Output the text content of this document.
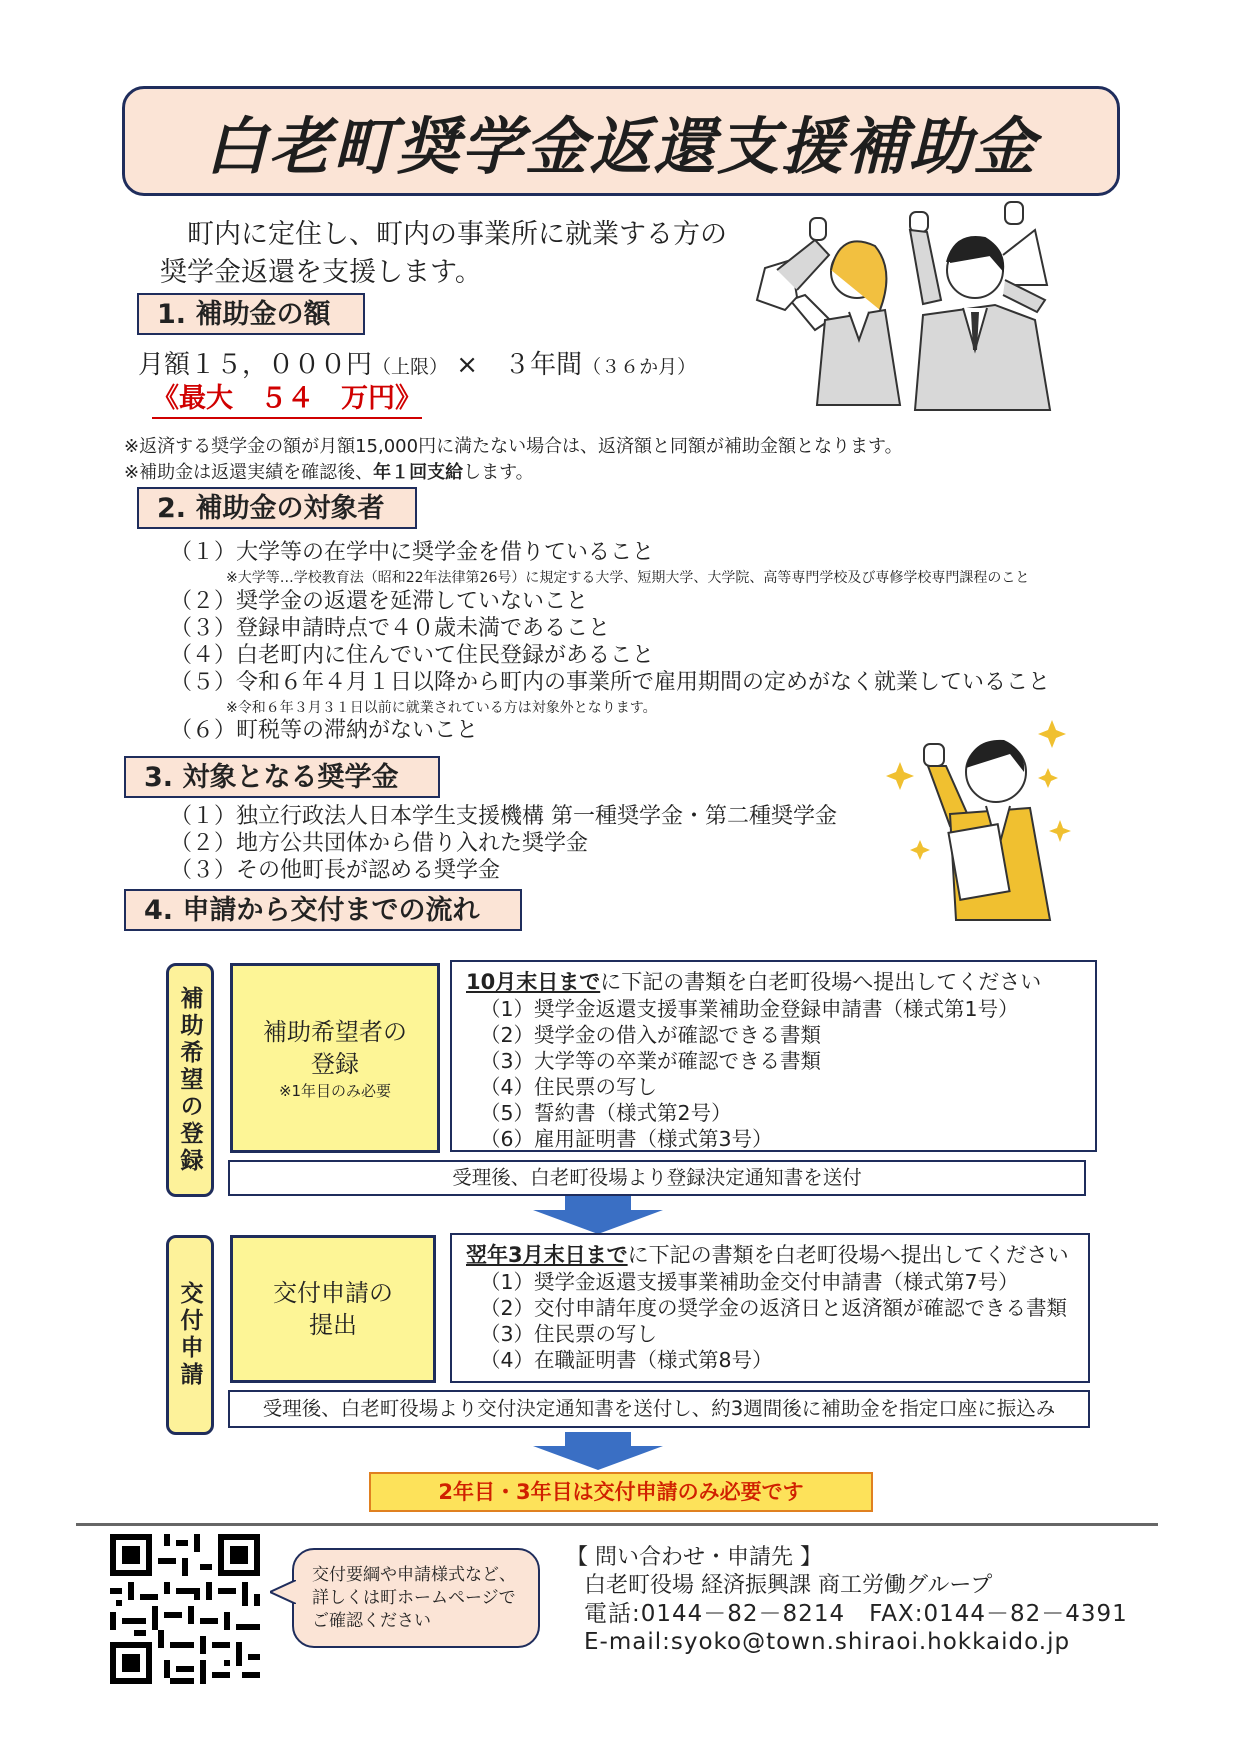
白老町奨学金返還支援補助金
町内に定住し、町内の事業所に就業する方の奨学金返還を支援します。
1. 補助金の額
月額１５，０００円（上限） ×　３年間（３６か月）
《最大　５４　万円》
※返済する奨学金の額が月額15,000円に満たない場合は、返済額と同額が補助金額となります。
※補助金は返還実績を確認後、年１回支給します。
2. 補助金の対象者
（１）大学等の在学中に奨学金を借りていること
※大学等…学校教育法（昭和22年法律第26号）に規定する大学、短期大学、大学院、高等専門学校及び専修学校専門課程のこと
（２）奨学金の返還を延滞していないこと
（３）登録申請時点で４０歳未満であること
（４）白老町内に住んでいて住民登録があること
（５）令和６年４月１日以降から町内の事業所で雇用期間の定めがなく就業していること
※令和６年３月３１日以前に就業されている方は対象外となります。
（６）町税等の滞納がないこと
3. 対象となる奨学金
（１）独立行政法人日本学生支援機構 第一種奨学金・第二種奨学金
（２）地方公共団体から借り入れた奨学金
（３）その他町長が認める奨学金
4. 申請から交付までの流れ
補助希望の登録	補助希望者の登録
※1年目のみ必要
10月末日までに下記の書類を白老町役場へ提出してください
（1）奨学金返還支援事業補助金登録申請書（様式第1号）
（2）奨学金の借入が確認できる書類
（3）大学等の卒業が確認できる書類
（4）住民票の写し
（5）誓約書（様式第2号）
（6）雇用証明書（様式第3号）
受理後、白老町役場より登録決定通知書を送付
交付申請	交付申請の提出
翌年3月末日までに下記の書類を白老町役場へ提出してください
（1）奨学金返還支援事業補助金交付申請書（様式第7号）
（2）交付申請年度の奨学金の返済日と返済額が確認できる書類
（3）住民票の写し
（4）在職証明書（様式第8号）
受理後、白老町役場より交付決定通知書を送付し、約3週間後に補助金を指定口座に振込み
2年目・3年目は交付申請のみ必要です
交付要綱や申請様式など、詳しくは町ホームページでご確認ください
【 問い合わせ・申請先 】
白老町役場 経済振興課 商工労働グループ
電話:0144－82－8214　FAX:0144－82－4391
E-mail:syoko@town.shiraoi.hokkaido.jp
